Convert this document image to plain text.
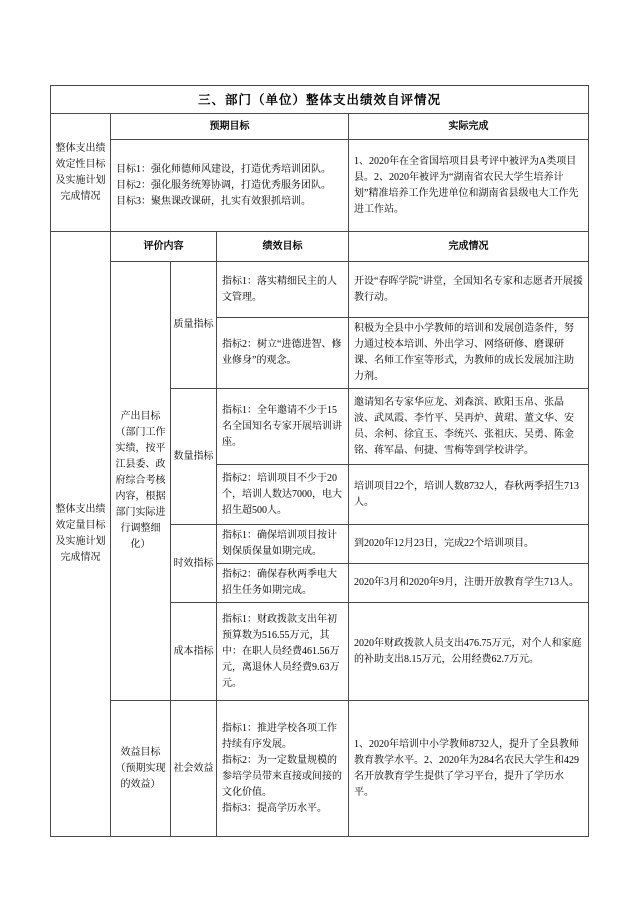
三、部门（单位）整体支出绩效自评情况				
整体支出绩效定性目标及实施计划完成情况	预期目标			实际完成

	目标1：强化师德师风建设，打造优秀培训团队。
目标2：强化服务统筹协调，打造优秀服务团队。
目标3：聚焦课改课研，扎实有效狠抓培训。			1、2020年在全省国培项目县考评中被评为A类项目县。2、2020年被评为“湖南省农民大学生培养计划”精准培养工作先进单位和湖南省县级电大工作先进工作站。
整体支出绩效定量目标及实施计划完成情况	评价内容		绩效目标	完成情况
	产出目标（部门工作实绩，按平江县委、政府综合考核内容，根据部门实际进行调整细化）	质量指标	指标1：落实精细民主的人文管理。	开设“春晖学院”讲堂，全国知名专家和志愿者开展援教行动。
			指标2：树立“进德进智、修业修身”的观念。	积极为全县中小学教师的培训和发展创造条件，努力通过校本培训、外出学习、网络研修、磨课研课、名师工作室等形式，为教师的成长发展加注助力剂。
		数量指标	指标1：全年邀请不少于15名全国知名专家开展培训讲座。	邀请知名专家华应龙、刘森滨、欧阳玉帛、张晶波、武凤霞、李竹平、吴再炉、黄珺、董文华、安员、余柯、徐宜玉、李统兴、张祖庆、吴勇、陈金铭、蒋军晶、何捷、雪梅等到学校讲学。
			指标2：培训项目不少于20个，培训人数达7000，电大招生超500人。	培训项目22个，培训人数8732人，春秋两季招生713人。
		时效指标	指标1：确保培训项目按计划保质保量如期完成。	到2020年12月23日，完成22个培训项目。
			指标2：确保春秋两季电大招生任务如期完成。	2020年3月和2020年9月，注册开放教育学生713人。
		成本指标	指标1：财政拨款支出年初预算数为516.55万元，其中：在职人员经费461.56万元，离退休人员经费9.63万元。	2020年财政拨款人员支出476.75万元，对个人和家庭的补助支出8.15万元，公用经费62.7万元。
	效益目标（预期实现的效益）	社会效益	指标1：推进学校各项工作持续有序发展。
指标2：为一定数量规模的参培学员带来直接或间接的文化价值。
指标3：提高学历水平。	1、2020年培训中小学教师8732人，提升了全县教师教育教学水平。2、2020年为284名农民大学生和429名开放教育学生提供了学习平台，提升了学历水平。
